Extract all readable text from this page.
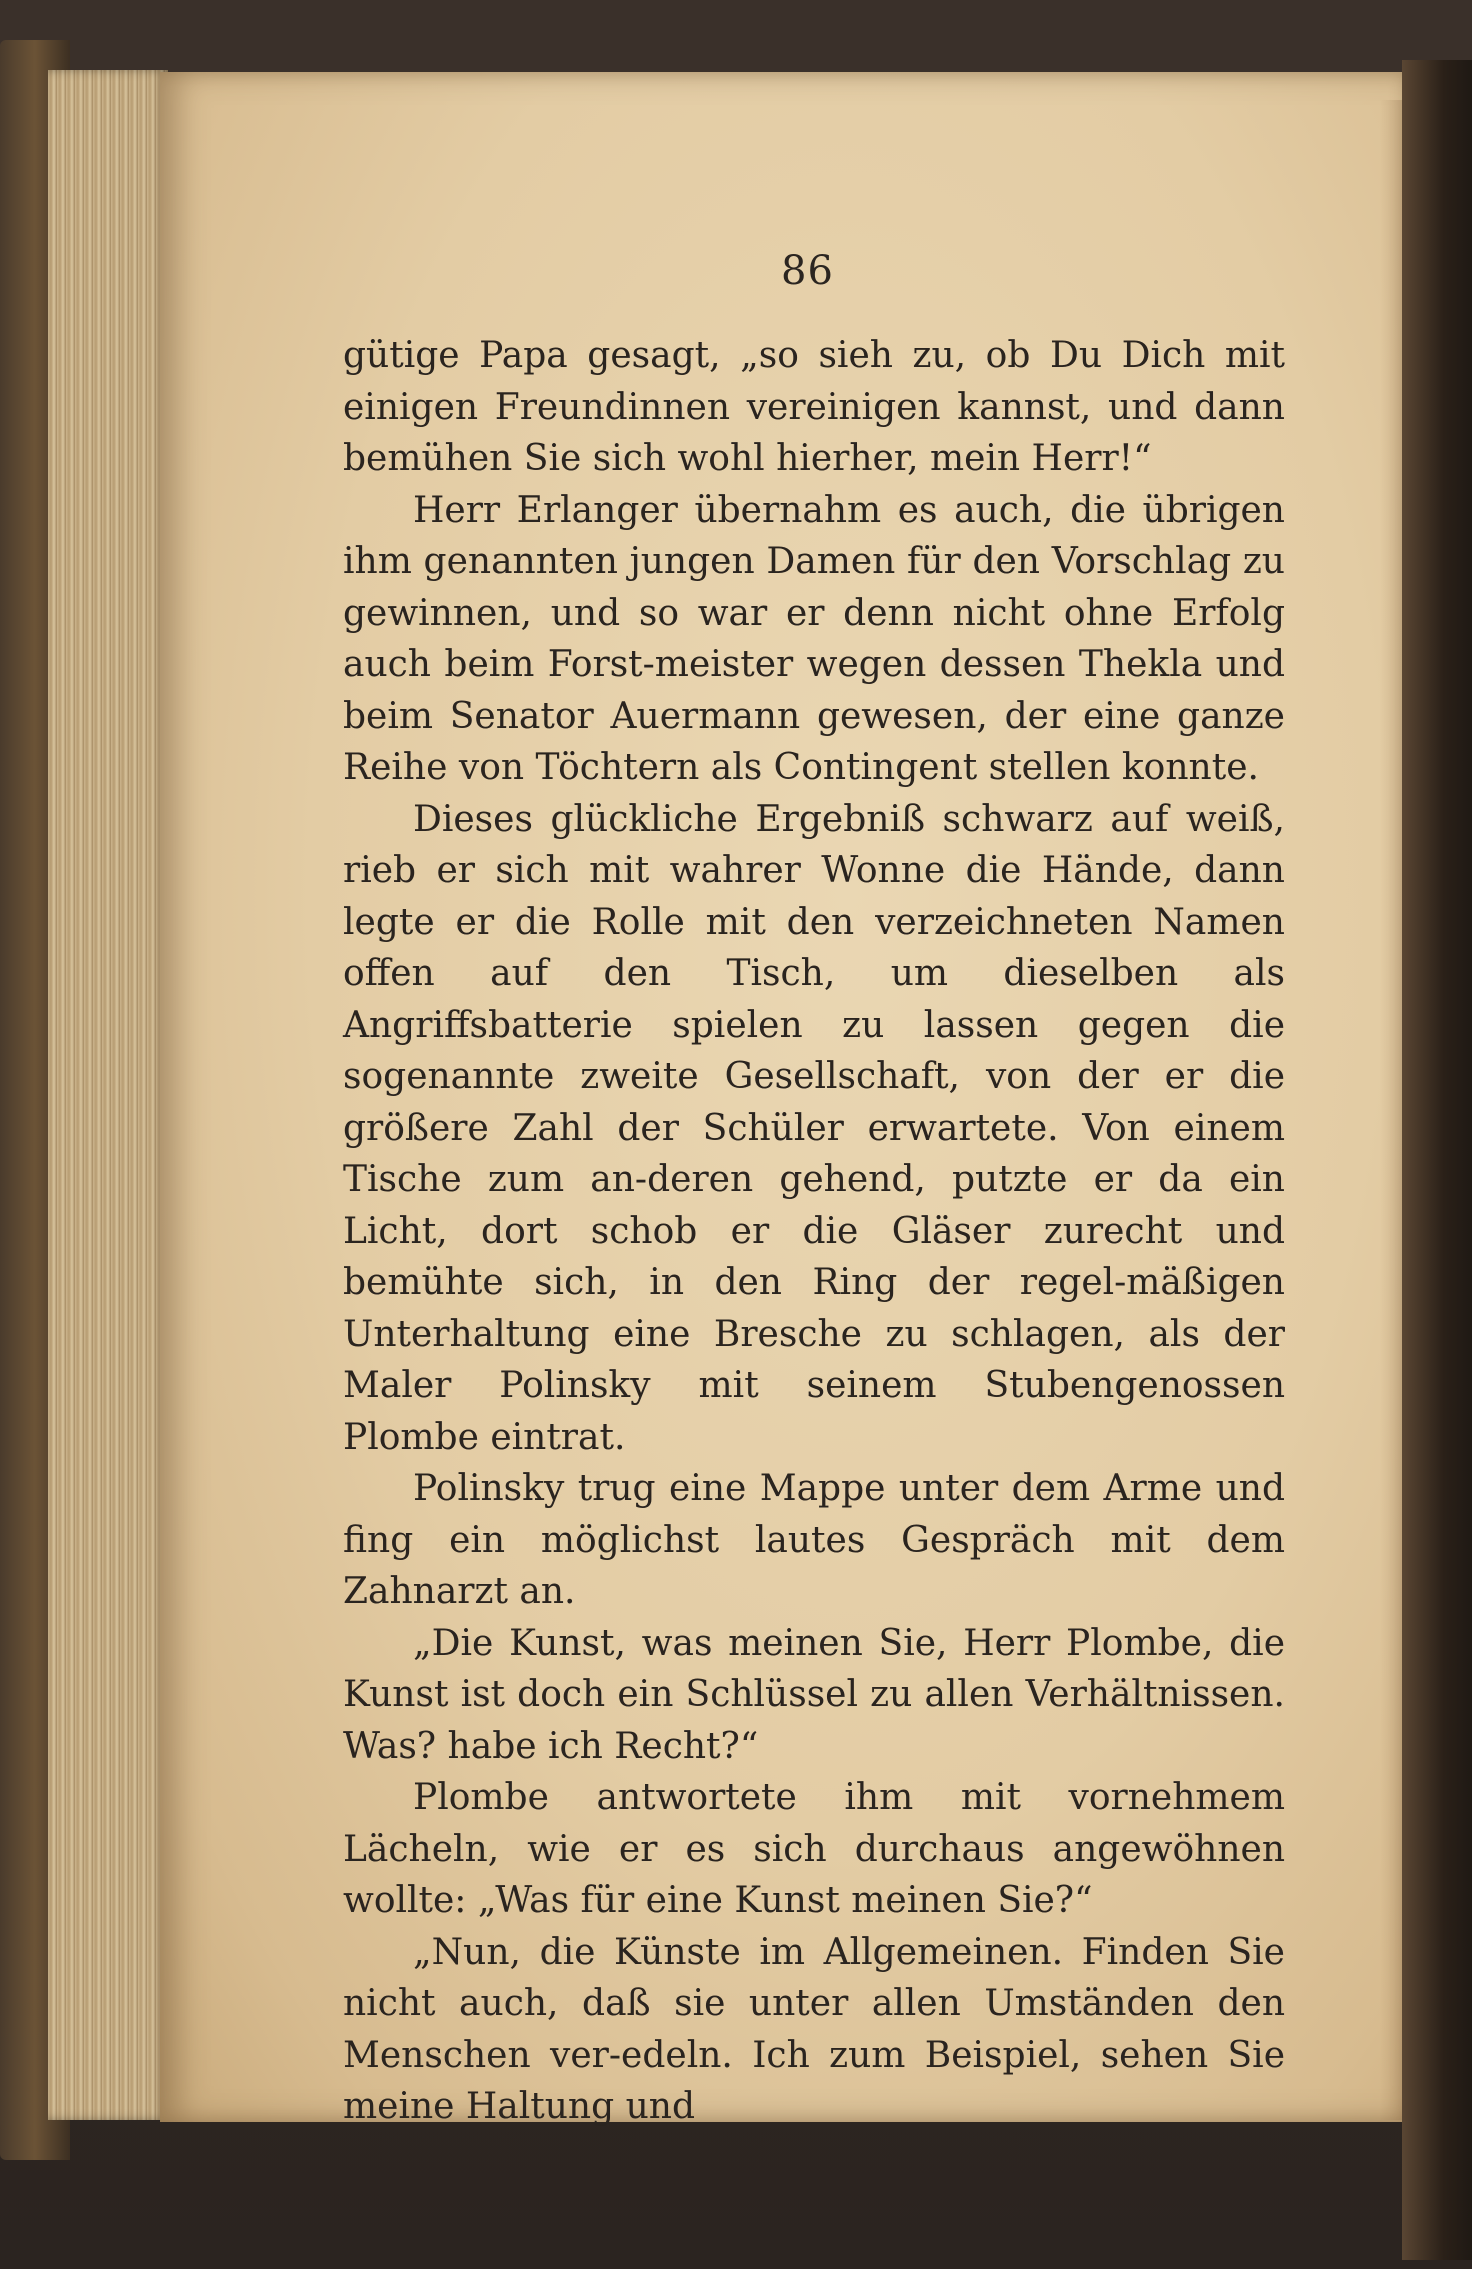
86

gütige Papa gesagt, „so sieh zu, ob Du Dich mit einigen Freundinnen vereinigen kannst, und dann bemühen Sie sich wohl hierher, mein Herr!“

Herr Erlanger übernahm es auch, die übrigen ihm genannten jungen Damen für den Vorschlag zu gewinnen, und so war er denn nicht ohne Erfolg auch beim Forst-meister wegen dessen Thekla und beim Senator Auermann gewesen, der eine ganze Reihe von Töchtern als Contingent stellen konnte.

Dieses glückliche Ergebniß schwarz auf weiß, rieb er sich mit wahrer Wonne die Hände, dann legte er die Rolle mit den verzeichneten Namen offen auf den Tisch, um dieselben als Angriffsbatterie spielen zu lassen gegen die sogenannte zweite Gesellschaft, von der er die größere Zahl der Schüler erwartete. Von einem Tische zum an-deren gehend, putzte er da ein Licht, dort schob er die Gläser zurecht und bemühte sich, in den Ring der regel-mäßigen Unterhaltung eine Bresche zu schlagen, als der Maler Polinsky mit seinem Stubengenossen Plombe eintrat.

Polinsky trug eine Mappe unter dem Arme und fing ein möglichst lautes Gespräch mit dem Zahnarzt an.

„Die Kunst, was meinen Sie, Herr Plombe, die Kunst ist doch ein Schlüssel zu allen Verhältnissen. Was? habe ich Recht?“

Plombe antwortete ihm mit vornehmem Lächeln, wie er es sich durchaus angewöhnen wollte: „Was für eine Kunst meinen Sie?“

„Nun, die Künste im Allgemeinen. Finden Sie nicht auch, daß sie unter allen Umständen den Menschen ver-edeln. Ich zum Beispiel, sehen Sie meine Haltung und
